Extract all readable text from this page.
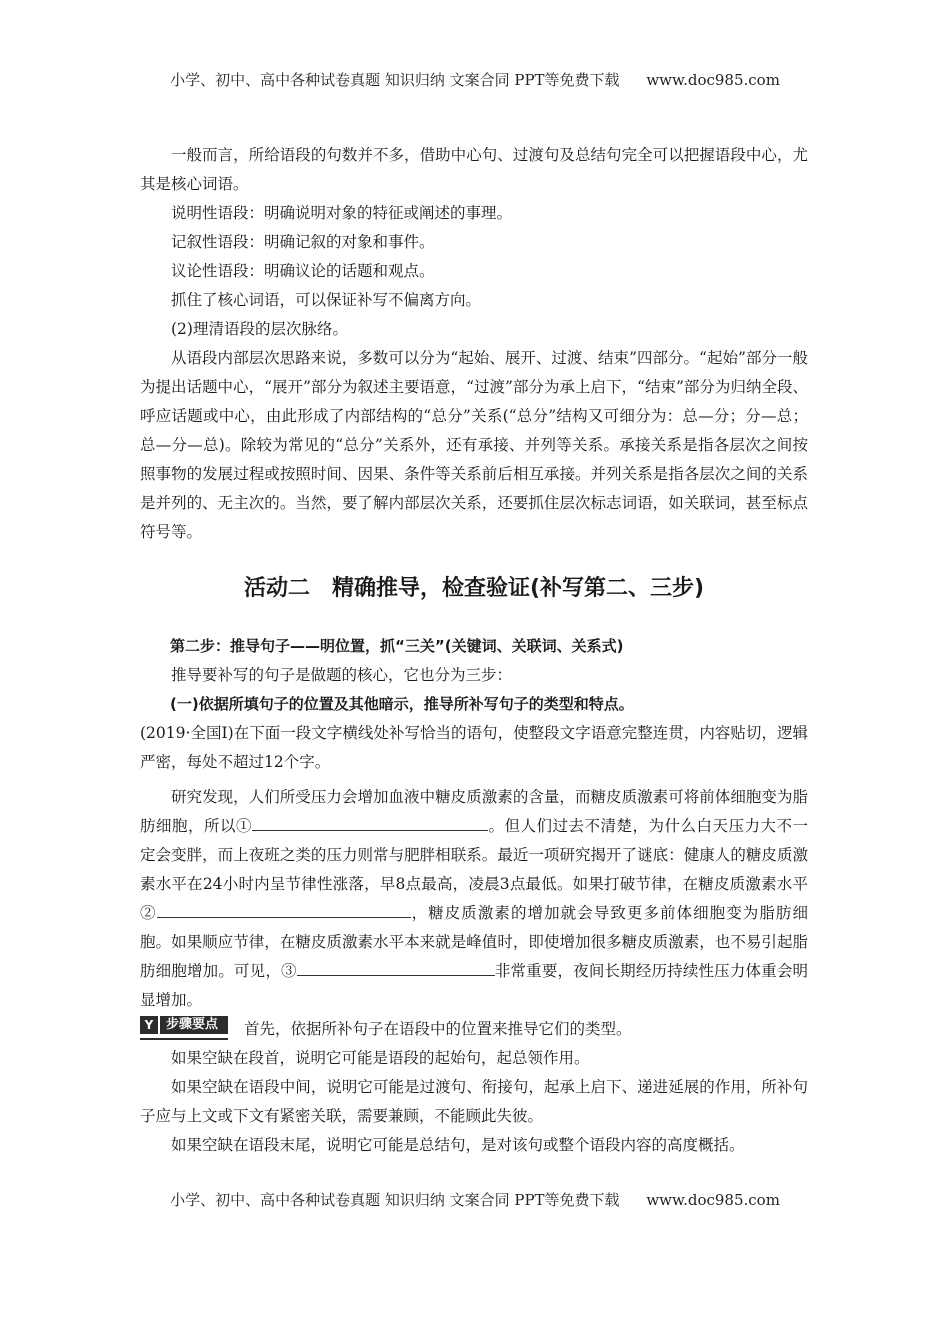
小学、初中、高中各种试卷真题 知识归纳 文案合同 PPT等免费下载 www.doc985.com

一般而言，所给语段的句数并不多，借助中心句、过渡句及总结句完全可以把握语段中心，尤其是核心词语。

说明性语段：明确说明对象的特征或阐述的事理。

记叙性语段：明确记叙的对象和事件。

议论性语段：明确议论的话题和观点。

抓住了核心词语，可以保证补写不偏离方向。

(2)理清语段的层次脉络。

从语段内部层次思路来说，多数可以分为“起始、展开、过渡、结束”四部分。“起始”部分一般为提出话题中心，“展开”部分为叙述主要语意，“过渡”部分为承上启下，“结束”部分为归纳全段、呼应话题或中心，由此形成了内部结构的“总分”关系(“总分”结构又可细分为：总—分；分—总；总—分—总)。除较为常见的“总分”关系外，还有承接、并列等关系。承接关系是指各层次之间按照事物的发展过程或按照时间、因果、条件等关系前后相互承接。并列关系是指各层次之间的关系是并列的、无主次的。当然，要了解内部层次关系，还要抓住层次标志词语，如关联词，甚至标点符号等。

活动二　精确推导，检查验证(补写第二、三步)

第二步：推导句子——明位置，抓“三关”(关键词、关联词、关系式)

推导要补写的句子是做题的核心，它也分为三步：

(一)依据所填句子的位置及其他暗示，推导所补写句子的类型和特点。

(2019·全国Ⅰ)在下面一段文字横线处补写恰当的语句，使整段文字语意完整连贯，内容贴切，逻辑严密，每处不超过12个字。

研究发现，人们所受压力会增加血液中糖皮质激素的含量，而糖皮质激素可将前体细胞变为脂肪细胞，所以①	。但人们过去不清楚，为什么白天压力大不一定会变胖，而上夜班之类的压力则常与肥胖相联系。最近一项研究揭开了谜底：健康人的糖皮质激素水平在24小时内呈节律性涨落，早8点最高，凌晨3点最低。如果打破节律，在糖皮质激素水平②	，糖皮质激素的增加就会导致更多前体细胞变为脂肪细胞。如果顺应节律，在糖皮质激素水平本来就是峰值时，即使增加很多糖皮质激素，也不易引起脂肪细胞增加。可见，③	非常重要，夜间长期经历持续性压力体重会明显增加。

Y 步骤要点 首先，依据所补句子在语段中的位置来推导它们的类型。

如果空缺在段首，说明它可能是语段的起始句，起总领作用。

如果空缺在语段中间，说明它可能是过渡句、衔接句，起承上启下、递进延展的作用，所补句子应与上文或下文有紧密关联，需要兼顾，不能顾此失彼。

如果空缺在语段末尾，说明它可能是总结句，是对该句或整个语段内容的高度概括。

小学、初中、高中各种试卷真题 知识归纳 文案合同 PPT等免费下载 www.doc985.com
